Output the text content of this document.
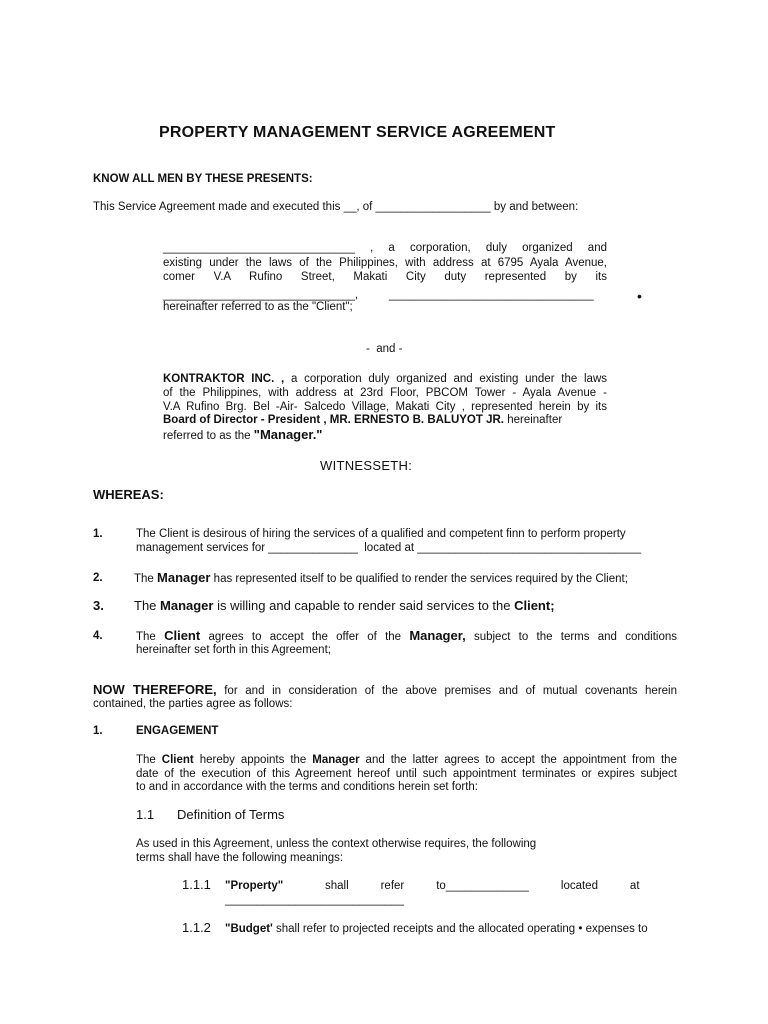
PROPERTY MANAGEMENT SERVICE AGREEMENT
KNOW ALL MEN BY THESE PRESENTS:
This Service Agreement made and executed this __, of __________________ by and between:
______________________________ , a corporation, duly organized and
existing under the laws of the Philippines, with address at 6795 Ayala Avenue,
comer V.A Rufino Street, Makati City duty represented by its
______________________________,	________________________________	•
hereinafter referred to as the "Client";
-  and -
KONTRAKTOR INC. , a corporation duly organized and existing under the laws
of the Philippines, with address at 23rd Floor, PBCOM Tower - Ayala Avenue -
V.A Rufino Brg. Bel -Air- Salcedo Village, Makati City , represented herein by its
Board of Director - President , MR. ERNESTO B. BALUYOT JR. hereinafter
referred to as the "Manager."
WITNESSETH:
WHEREAS:
1.	The Client is desirous of hiring the services of a qualified and competent finn to perform property
management services for ______________  located at ___________________________________
2.	The Manager has represented itself to be qualified to render the services required by the Client;
3. The Manager is willing and capable to render said services to the Client;
4.	The Client agrees to accept the offer of the Manager, subject to the terms and conditions
hereinafter set forth in this Agreement;
NOW THEREFORE, for and in consideration of the above premises and of mutual covenants herein
contained, the parties agree as follows:
1.	ENGAGEMENT
The Client hereby appoints the Manager and the latter agrees to accept the appointment from the
date of the execution of this Agreement hereof until such appointment terminates or expires subject
to and in accordance with the terms and conditions herein set forth:
1.1 Definition of Terms
As used in this Agreement, unless the context otherwise requires, the following
terms shall have the following meanings:
1.1.1 "Property"	shall          refer          to_____________          located          at
____________________________
1.1.2 "Budget' shall refer to projected receipts and the allocated operating • expenses to
